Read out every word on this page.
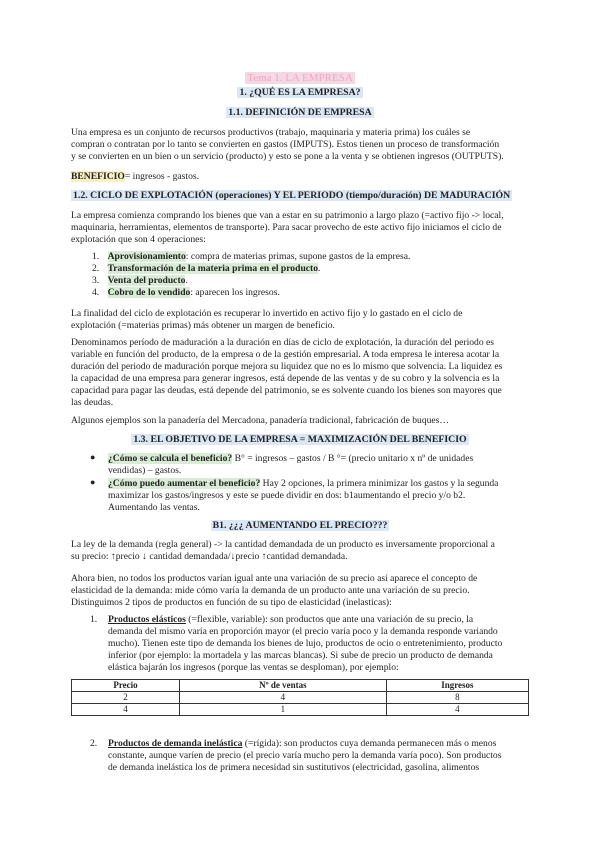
Tema 1. LA EMPRESA
1. ¿QUÉ ES LA EMPRESA?
1.1. DEFINICIÓN DE EMPRESA
Una empresa es un conjunto de recursos productivos (trabajo, maquinaria y materia prima) los cuáles se
compran o contratan por lo tanto se convierten en gastos (IMPUTS). Estos tienen un proceso de transformación
y se convierten en un bien o un servicio (producto) y esto se pone a la venta y se obtienen ingresos (OUTPUTS).
BENEFICIO= ingresos - gastos.
1.2. CICLO DE EXPLOTACIÓN (operaciones) Y EL PERIODO (tiempo/duración) DE MADURACIÓN
La empresa comienza comprando los bienes que van a estar en su patrimonio a largo plazo (=activo fijo -> local,
maquinaria, herramientas, elementos de transporte). Para sacar provecho de este activo fijo iniciamos el ciclo de
explotación que son 4 operaciones:
1. Aprovisionamiento: compra de materias primas, supone gastos de la empresa.
2. Transformación de la materia prima en el producto.
3. Venta del producto.
4. Cobro de lo vendido: aparecen los ingresos.
La finalidad del ciclo de explotación es recuperar lo invertido en activo fijo y lo gastado en el ciclo de
explotación (=materias primas) más obtener un margen de beneficio.
Denominamos período de maduración a la duración en días de ciclo de explotación, la duración del periodo es
variable en función del producto, de la empresa o de la gestión empresarial. A toda empresa le interesa acotar la
duración del periodo de maduración porque mejora su liquidez que no es lo mismo que solvencia. La liquidez es
la capacidad de una empresa para generar ingresos, está depende de las ventas y de su cobro y la solvencia es la
capacidad para pagar las deudas, está depende del patrimonio, se es solvente cuando los bienes son mayores que
las deudas.
Algunos ejemplos son la panadería del Mercadona, panadería tradicional, fabricación de buques…
1.3. EL OBJETIVO DE LA EMPRESA = MAXIMIZACIÓN DEL BENEFICIO
● ¿Cómo se calcula el beneficio? B° = ingresos – gastos / B °= (precio unitario x nº de unidades
vendidas) – gastos.
● ¿Cómo puedo aumentar el beneficio? Hay 2 opciones, la primera minimizar los gastos y la segunda
maximizar los gastos/ingresos y este se puede dividir en dos: b1aumentando el precio y/o b2.
Aumentando las ventas.
B1. ¿¿¿ AUMENTANDO EL PRECIO???
La ley de la demanda (regla general) -> la cantidad demandada de un producto es inversamente proporcional a
su precio: ↑precio ↓ cantidad demandada/↓precio ↑cantidad demandada.
Ahora bien, no todos los productos varían igual ante una variación de su precio así aparece el concepto de
elasticidad de la demanda: mide cómo varía la demanda de un producto ante una variación de su precio.
Distinguimos 2 tipos de productos en función de su tipo de elasticidad (inelasticas):
1. Productos elásticos (=flexible, variable): son productos que ante una variación de su precio, la
demanda del mismo varía en proporción mayor (el precio varía poco y la demanda responde variando
mucho). Tienen este tipo de demanda los bienes de lujo, productos de ocio o entretenimiento, producto
inferior (por ejemplo: la mortadela y las marcas blancas). Si sube de precio un producto de demanda
elástica bajarán los ingresos (porque las ventas se desploman), por ejemplo:
Precio	Nº de ventas	Ingresos
2	4	8
4	1	4
2. Productos de demanda inelástica (=rígida): son productos cuya demanda permanecen más o menos
constante, aunque varíen de precio (el precio varía mucho pero la demanda varía poco). Son productos
de demanda inelástica los de primera necesidad sin sustitutivos (electricidad, gasolina, alimentos
